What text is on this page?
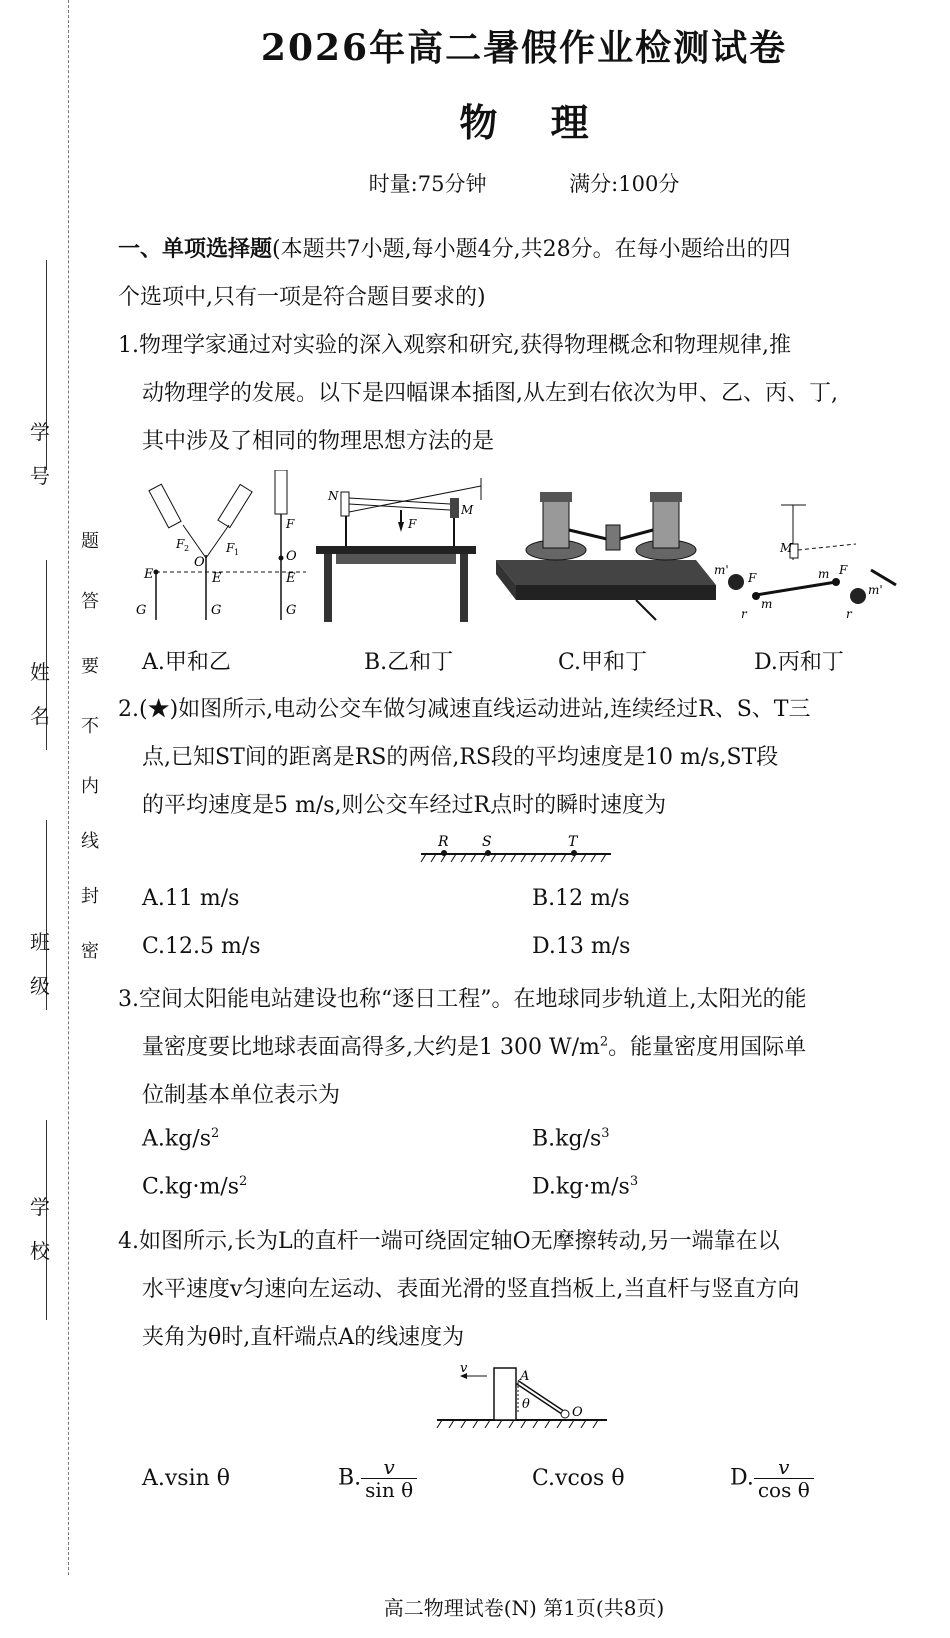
学号
姓名
班级
学校
密
封
线
内
不
要
答
题
2026年高二暑假作业检测试卷
物 理
时量:75分钟	满分:100分
一、单项选择题(本题共7小题,每小题4分,共28分。在每小题给出的四
个选项中,只有一项是符合题目要求的)
1.物理学家通过对实验的深入观察和研究,获得物理概念和物理规律,推
动物理学的发展。以下是四幅课本插图,从左到右依次为甲、乙、丙、丁,
其中涉及了相同的物理思想方法的是
G	G	G
E	E	E
O	O
F 2	F 1
F
N
M
F
m'
m'
m
m
M
F
F
r	r
A.甲和乙	B.乙和丁	C.甲和丁	D.丙和丁
2.(★)如图所示,电动公交车做匀减速直线运动进站,连续经过R、S、T三
点,已知ST间的距离是RS的两倍,RS段的平均速度是10 m/s,ST段
的平均速度是5 m/s,则公交车经过R点时的瞬时速度为
R S	T
A.11 m/s	B.12 m/s
C.12.5 m/s	D.13 m/s
3.空间太阳能电站建设也称“逐日工程”。在地球同步轨道上,太阳光的能
量密度要比地球表面高得多,大约是1 300 $W/m^2$。能量密度用国际单
位制基本单位表示为
$A.kg/s^2$	$B.kg/s^3$
$C.kg\cdot m/s^2$	$D.kg\cdot m/s^3$
4.如图所示,长为L的直杆一端可绕固定轴O无摩擦转动,另一端靠在以
水平速度v匀速向左运动、表面光滑的竖直挡板上,当直杆与竖直方向
夹角为θ时,直杆端点A的线速度为
v
A
θ
O
A.vsin θ	B. $\frac{v}{\text{sin θ}}$	C.vcos θ	D. $\frac{v}{\text{cos θ}}$
高二物理试卷(N) 第1页(共8页)
